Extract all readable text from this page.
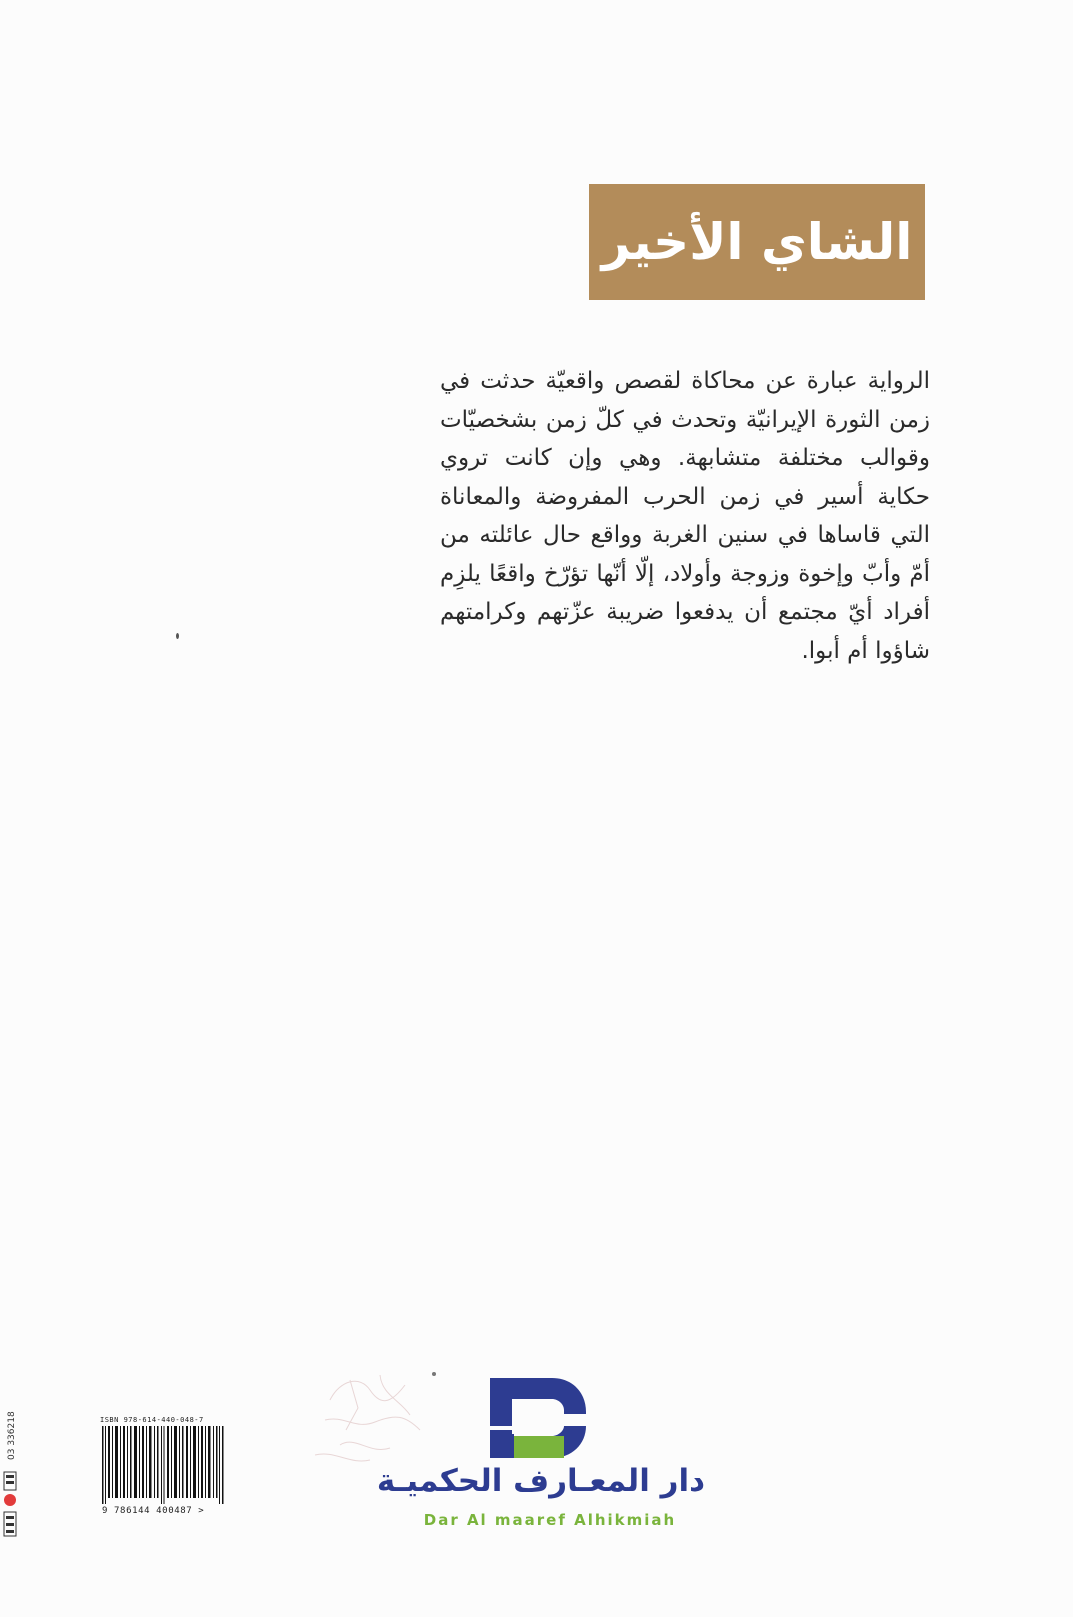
الشاي الأخير

الرواية عبارة عن محاكاة لقصص واقعيّة حدثت في زمن الثورة الإيرانيّة وتحدث في كلّ زمن بشخصيّات وقوالب مختلفة متشابهة. وهي وإن كانت تروي حكاية أسير في زمن الحرب المفروضة والمعاناة التي قاساها في سنين الغربة وواقع حال عائلته من أمّ وأبّ وإخوة وزوجة وأولاد، إلّا أنّها تؤرّخ واقعًا يلزِم أفراد أيّ مجتمع أن يدفعوا ضريبة عزّتهم وكرامتهم شاؤوا أم أبوا.

دار المعـارف الحكميـة
Dar Al maaref Alhikmiah
ISBN 978-614-440-048-7
9 786144 400487 >
03 336218
